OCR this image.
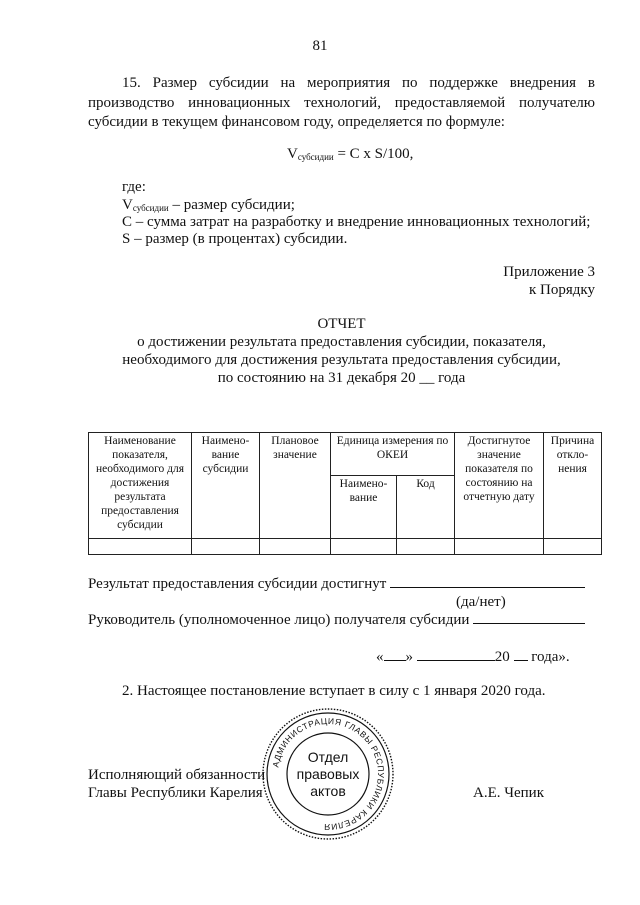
81
15. Размер субсидии на мероприятия по поддержке внедрения в
производство инновационных технологий, предоставляемой получателю
субсидии в текущем финансовом году, определяется по формуле:
$V_{субсидии} = C$ x S/100,
где:
$V_{субсидии}$ – размер субсидии;
C – сумма затрат на разработку и внедрение инновационных технологий;
S – размер (в процентах) субсидии.
Приложение 3
к Порядку
ОТЧЕТ
о достижении результата предоставления субсидии, показателя,
необходимого для достижения результата предоставления субсидии,
по состоянию на 31 декабря 20 __ года
Наименование показателя, необходимого для достижения результата предоставления субсидии	Наимено-вание субсидии	Плановое значение	Единица измерения по ОКЕИ		Достигнутое значение показателя по состоянию на отчетную дату	Причина откло-нения
			Наимено-вание	Код		

Результат предоставления субсидии достигнут
(да/нет)
Руководитель (уполномоченное лицо) получателя субсидии
« »	20  года».
2. Настоящее постановление вступает в силу с 1 января 2020 года.
Исполняющий обязанности
Главы Республики Карелия	А.Е. Чепик
АДМИНИСТРАЦИЯ ГЛАВЫ РЕСПУБЛИКИ КАРЕЛИЯ
Отдел
правовых
актов
